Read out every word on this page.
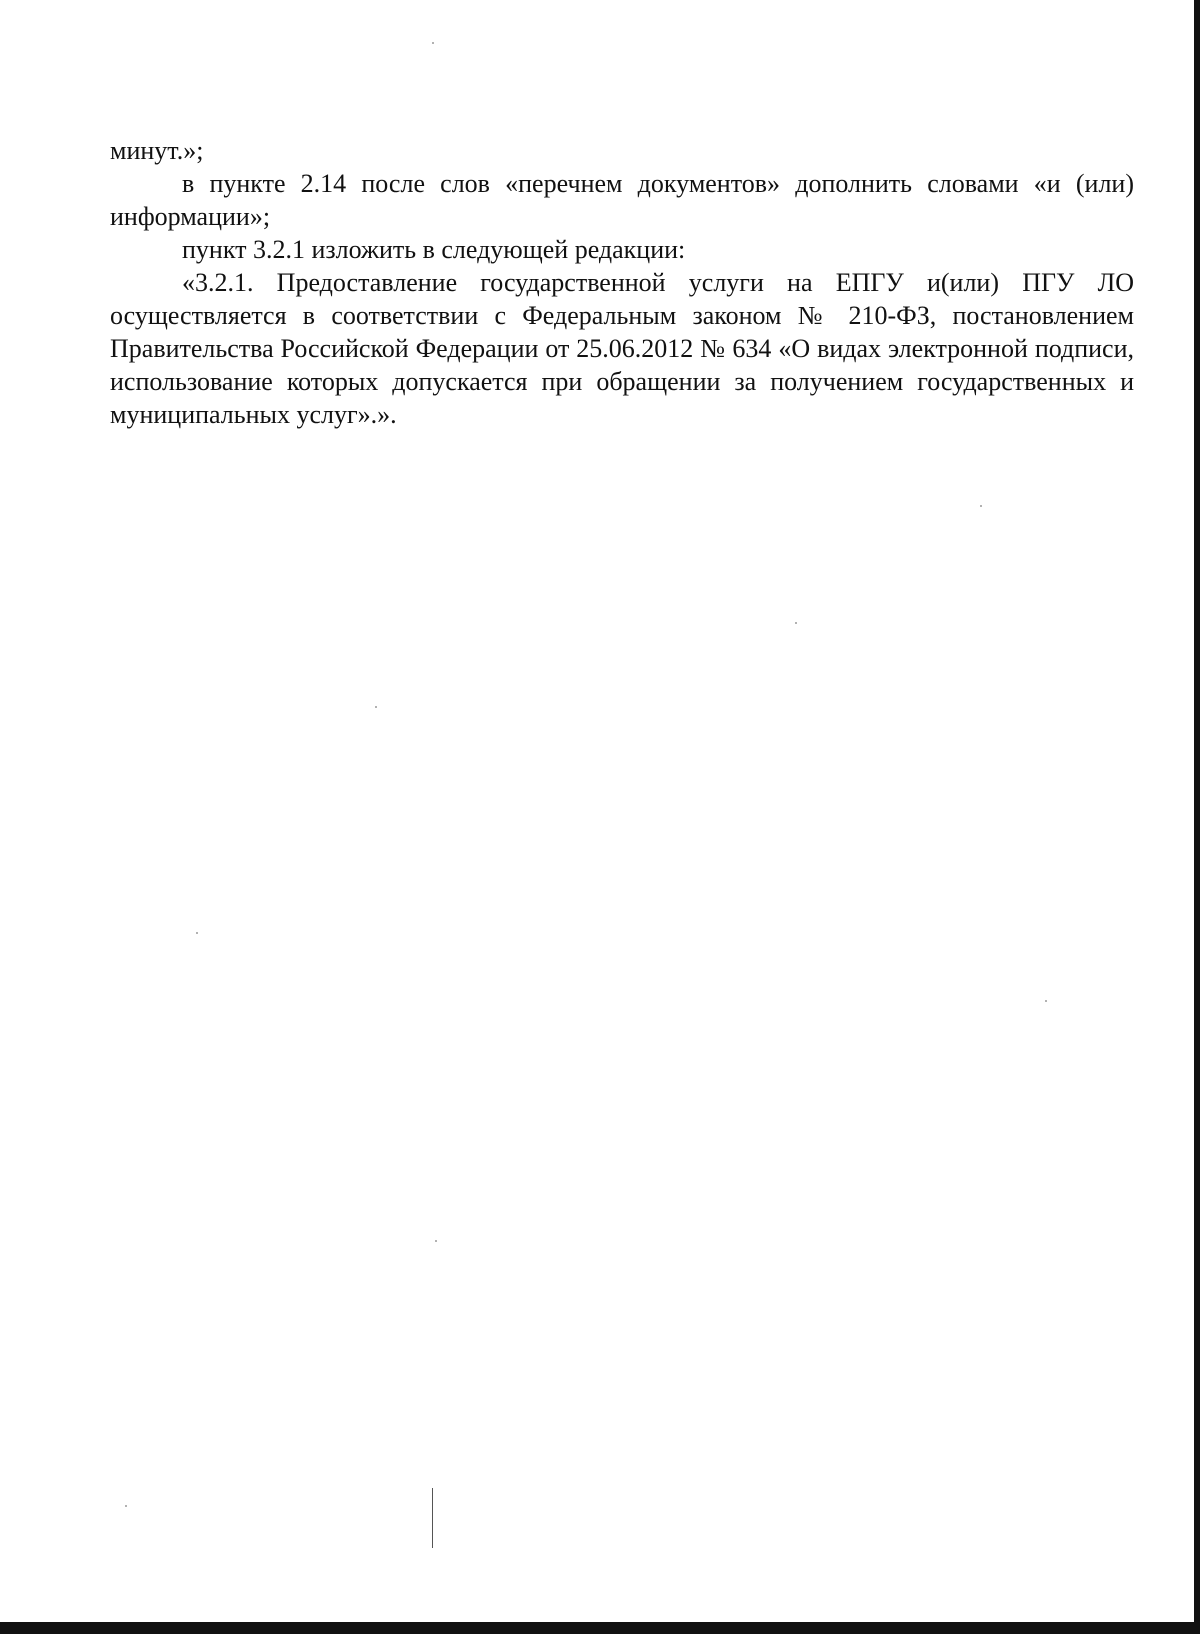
минут.»;

в пункте 2.14 после слов «перечнем документов» дополнить словами «и (или) информации»;

пункт 3.2.1 изложить в следующей редакции:

«3.2.1. Предоставление государственной услуги на ЕПГУ и(или) ПГУ ЛО осуществляется в соответствии с Федеральным законом № 210-ФЗ, постановлением Правительства Российской Федерации от 25.06.2012 № 634 «О видах электронной подписи, использование которых допускается при обращении за получением государственных и муниципальных услуг».».
